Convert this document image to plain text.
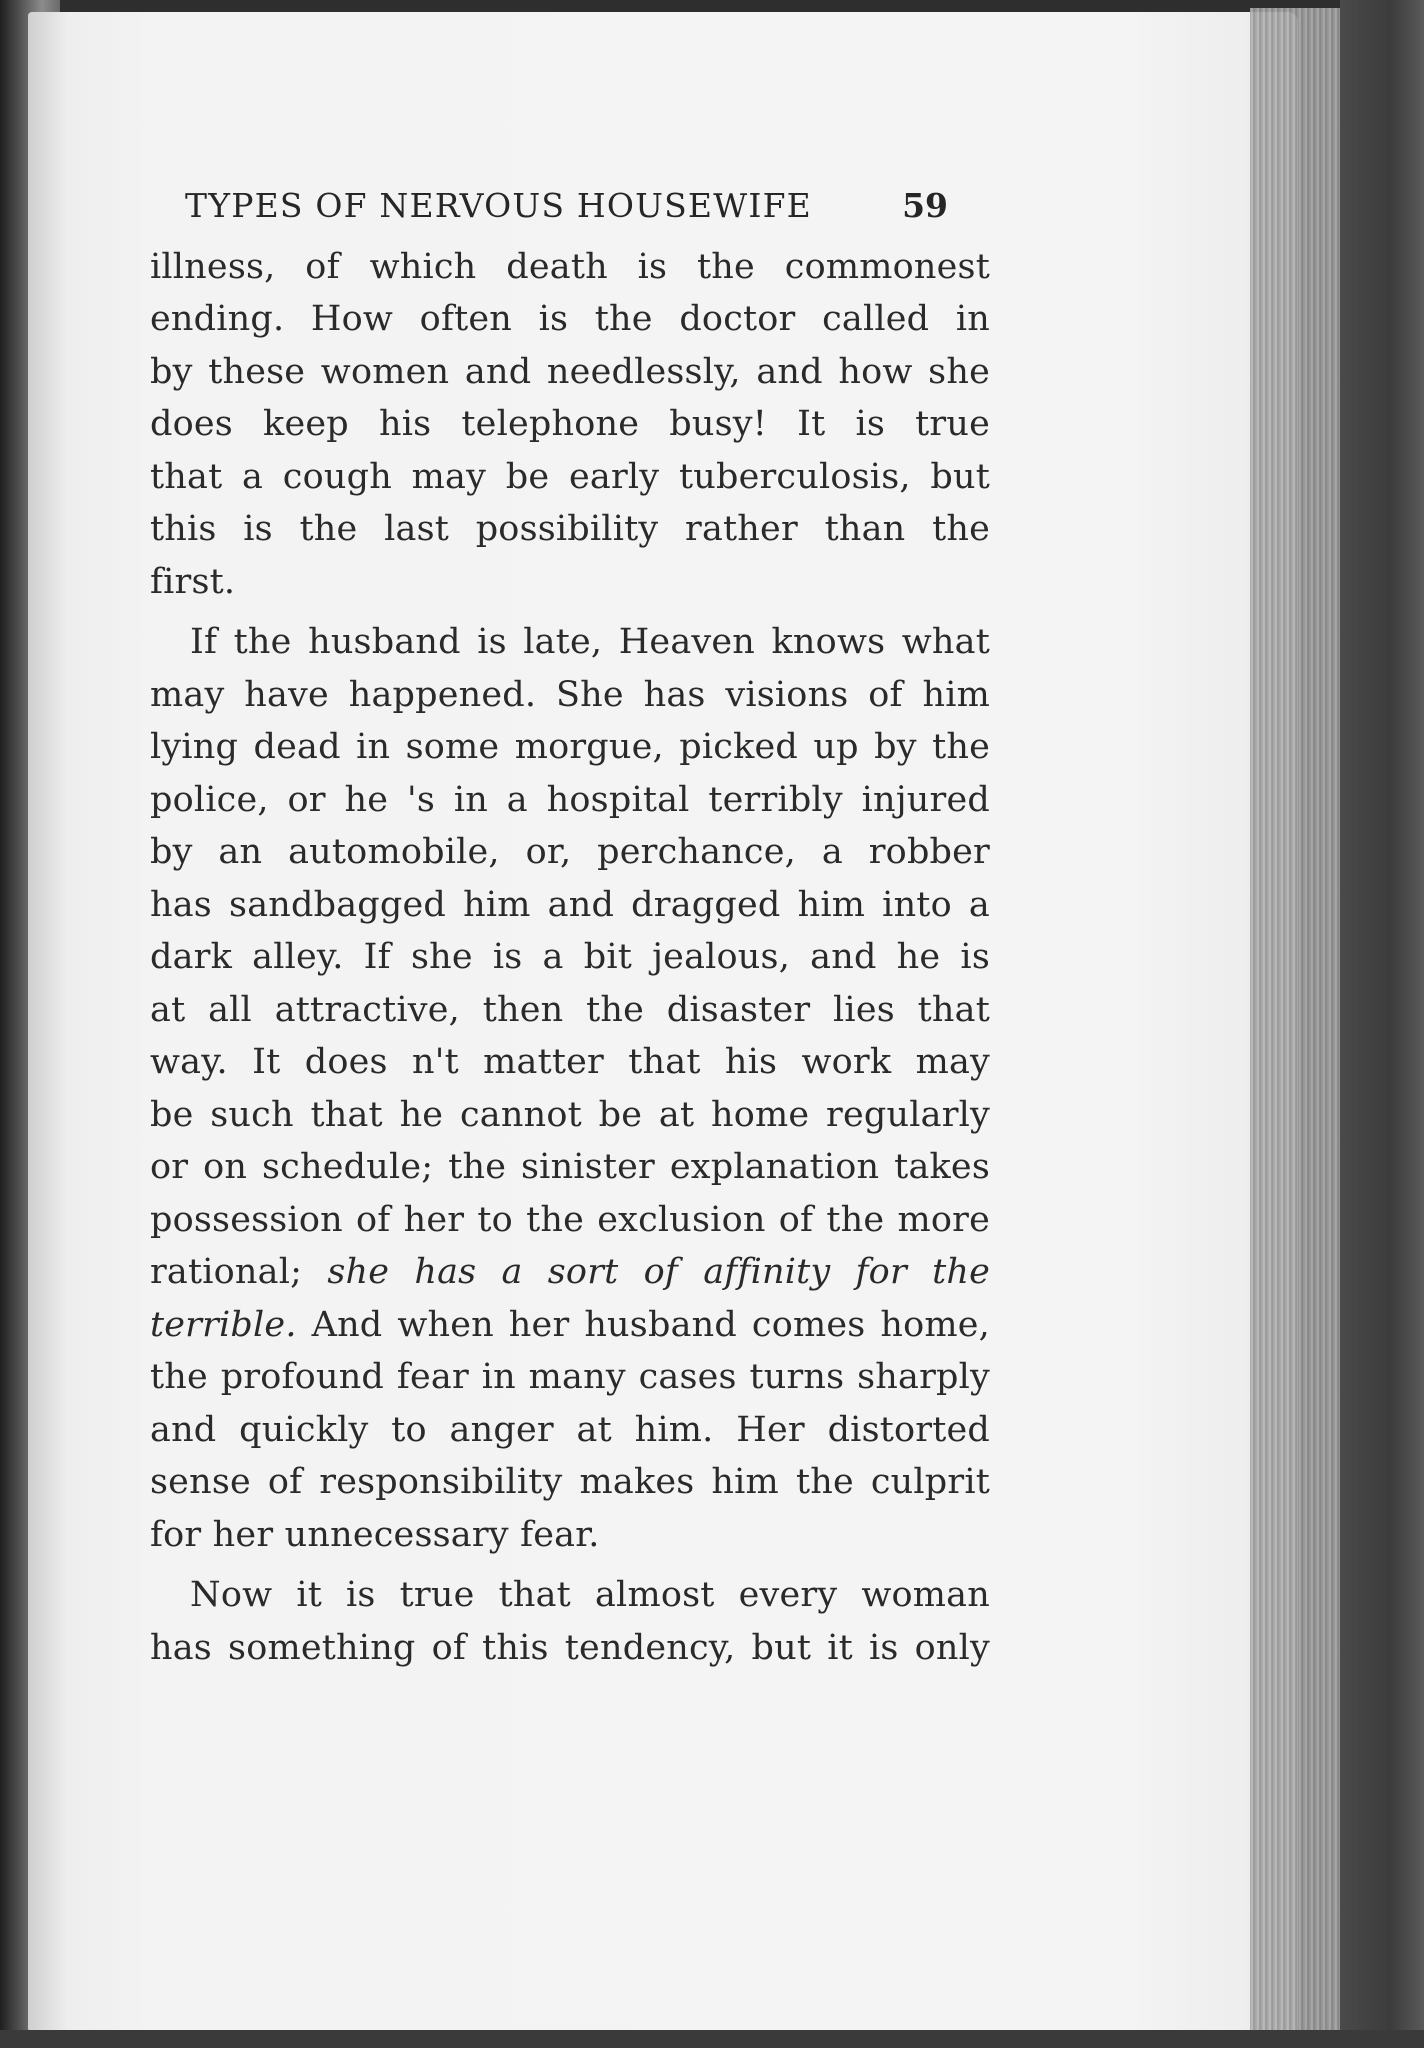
TYPES OF NERVOUS HOUSEWIFE	59
illness, of which death is the commonest
ending. How often is the doctor called in
by these women and needlessly, and how she
does keep his telephone busy! It is true
that a cough may be early tuberculosis, but
this is the last possibility rather than the
first.
If the husband is late, Heaven knows what
may have happened. She has visions of him
lying dead in some morgue, picked up by the
police, or he 's in a hospital terribly injured
by an automobile, or, perchance, a robber
has sandbagged him and dragged him into a
dark alley. If she is a bit jealous, and he is
at all attractive, then the disaster lies that
way. It does n't matter that his work may
be such that he cannot be at home regularly
or on schedule; the sinister explanation takes
possession of her to the exclusion of the more
rational; she has a sort of affinity for the
terrible. And when her husband comes home,
the profound fear in many cases turns sharply
and quickly to anger at him. Her distorted
sense of responsibility makes him the culprit
for her unnecessary fear.
Now it is true that almost every woman
has something of this tendency, but it is only
